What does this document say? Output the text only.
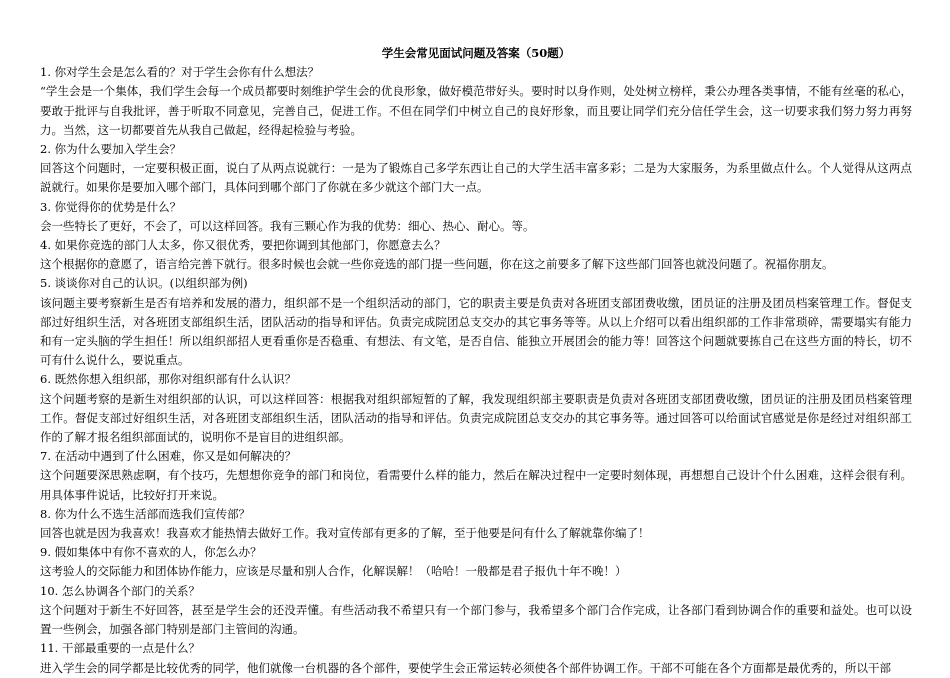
学生会常见面试问题及答案（50题）

1. 你对学生会是怎么看的？对于学生会你有什么想法？

“学生会是一个集体，我们学生会每一个成员都要时刻维护学生会的优良形象，做好模范带好头。要时时以身作则，处处树立榜样，秉公办理各类事情，不能有丝毫的私心，要敢于批评与自我批评，善于听取不同意见，完善自己，促进工作。不但在同学们中树立自己的良好形象，而且要让同学们充分信任学生会，这一切要求我们努力努力再努力。当然，这一切都要首先从我自己做起，经得起检验与考验。

2. 你为什么要加入学生会？

回答这个问题时，一定要积极正面，说白了从两点说就行：一是为了锻炼自己多学东西让自己的大学生活丰富多彩；二是为大家服务，为系里做点什么。个人觉得从这两点説就行。如果你是要加入哪个部门，具体问到哪个部门了你就在多少就这个部门大一点。

3. 你觉得你的优势是什么？

会一些特长了更好，不会了，可以这样回答。我有三颗心作为我的优势：细心、热心、耐心。等。

4. 如果你竞选的部门人太多，你又很优秀，要把你调到其他部门，你愿意去么？

这个根据你的意愿了，语言给完善下就行。很多时候也会就一些你竞选的部门提一些问题，你在这之前要多了解下这些部门回答也就没问题了。祝福你朋友。

5. 谈谈你对自己的认识。(以组织部为例)

该问题主要考察新生是否有培养和发展的潜力，组织部不是一个组织活动的部门，它的职责主要是负责对各班团支部团费收缴，团员证的注册及团员档案管理工作。督促支部过好组织生活，对各班团支部组织生活，团队活动的指导和评估。负责完成院团总支交办的其它事务等等。从以上介绍可以看出组织部的工作非常琐碎，需要塌实有能力和有一定头脑的学生担任！所以组织部招人更看重你是否稳重、有想法、有文笔，是否自信、能独立开展团会的能力等！回答这个问题就要拣自己在这些方面的特长，切不可有什么说什么，要说重点。

6. 既然你想入组织部，那你对组织部有什么认识？

这个问题考察的是新生对组织部的认识，可以这样回答：根据我对组织部短暂的了解，我发现组织部主要职责是负责对各班团支部团费收缴，团员证的注册及团员档案管理工作。督促支部过好组织生活，对各班团支部组织生活，团队活动的指导和评估。负责完成院团总支交办的其它事务等。通过回答可以给面试官感觉是你是经过对组织部工作的了解才报名组织部面试的，说明你不是盲目的进组织部。

7. 在活动中遇到了什么困难，你又是如何解决的？

这个问题要深思熟虑啊，有个技巧，先想想你竞争的部门和岗位，看需要什么样的能力，然后在解决过程中一定要时刻体现，再想想自己设计个什么困难，这样会很有利。用具体事件说话，比较好打开来说。

8. 你为什么不选生活部而选我们宣传部？

回答也就是因为我喜欢！我喜欢才能热情去做好工作。我对宣传部有更多的了解，至于他要是问有什么了解就靠你编了！

9. 假如集体中有你不喜欢的人，你怎么办？

这考验人的交际能力和团体协作能力，应该是尽量和别人合作，化解误解！（哈哈！一般都是君子报仇十年不晚！）

10. 怎么协调各个部门的关系？

这个问题对于新生不好回答，甚至是学生会的还没弄懂。有些活动我不希望只有一个部门参与，我希望多个部门合作完成，让各部门看到协调合作的重要和益处。也可以设置一些例会，加强各部门特别是部门主管间的沟通。

11. 干部最重要的一点是什么？

进入学生会的同学都是比较优秀的同学，他们就像一台机器的各个部件，要使学生会正常运转必须使各个部件协调工作。干部不可能在各个方面都是最优秀的，所以干部
